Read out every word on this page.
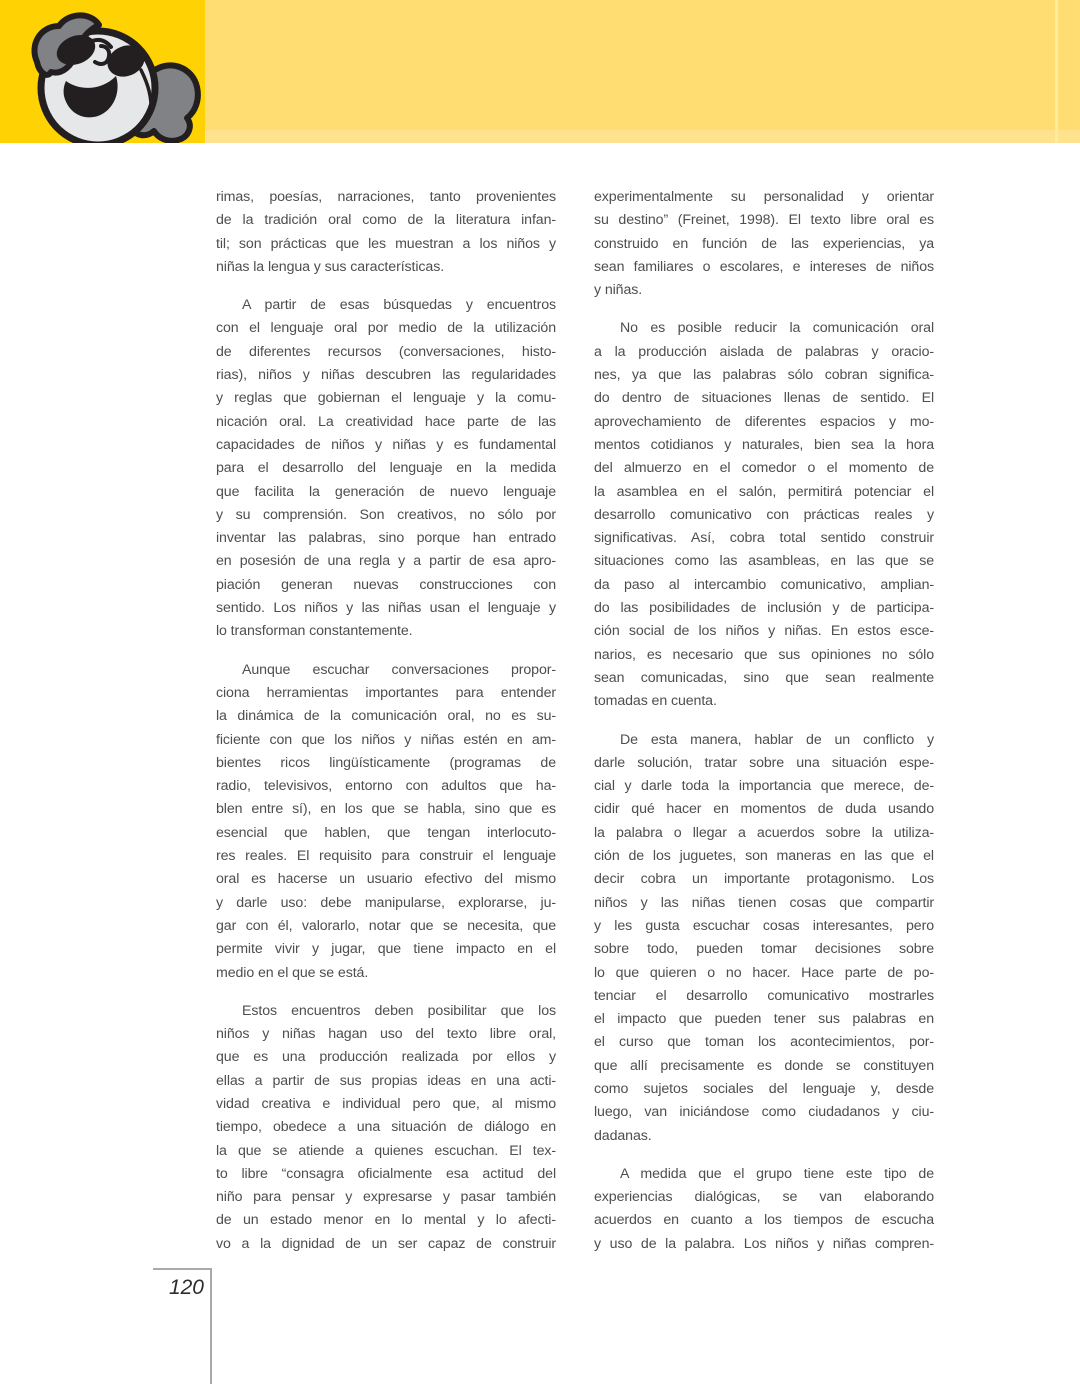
rimas, poesías, narraciones, tanto provenientes
de la tradición oral como de la literatura infan-
til; son prácticas que les muestran a los niños y
niñas la lengua y sus características.
A partir de esas búsquedas y encuentros
con el lenguaje oral por medio de la utilización
de diferentes recursos (conversaciones, histo-
rias), niños y niñas descubren las regularidades
y reglas que gobiernan el lenguaje y la comu-
nicación oral. La creatividad hace parte de las
capacidades de niños y niñas y es fundamental
para el desarrollo del lenguaje en la medida
que facilita la generación de nuevo lenguaje
y su comprensión. Son creativos, no sólo por
inventar las palabras, sino porque han entrado
en posesión de una regla y a partir de esa apro-
piación generan nuevas construcciones con
sentido. Los niños y las niñas usan el lenguaje y
lo transforman constantemente.
Aunque escuchar conversaciones propor-
ciona herramientas importantes para entender
la dinámica de la comunicación oral, no es su-
ficiente con que los niños y niñas estén en am-
bientes ricos lingüísticamente (programas de
radio, televisivos, entorno con adultos que ha-
blen entre sí), en los que se habla, sino que es
esencial que hablen, que tengan interlocuto-
res reales. El requisito para construir el lenguaje
oral es hacerse un usuario efectivo del mismo
y darle uso: debe manipularse, explorarse, ju-
gar con él, valorarlo, notar que se necesita, que
permite vivir y jugar, que tiene impacto en el
medio en el que se está.
Estos encuentros deben posibilitar que los
niños y niñas hagan uso del texto libre oral,
que es una producción realizada por ellos y
ellas a partir de sus propias ideas en una acti-
vidad creativa e individual pero que, al mismo
tiempo, obedece a una situación de diálogo en
la que se atiende a quienes escuchan. El tex-
to libre “consagra oficialmente esa actitud del
niño para pensar y expresarse y pasar también
de un estado menor en lo mental y lo afecti-
vo a la dignidad de un ser capaz de construir
experimentalmente su personalidad y orientar
su destino” (Freinet, 1998). El texto libre oral es
construido en función de las experiencias, ya
sean familiares o escolares, e intereses de niños
y niñas.
No es posible reducir la comunicación oral
a la producción aislada de palabras y oracio-
nes, ya que las palabras sólo cobran significa-
do dentro de situaciones llenas de sentido. El
aprovechamiento de diferentes espacios y mo-
mentos cotidianos y naturales, bien sea la hora
del almuerzo en el comedor o el momento de
la asamblea en el salón, permitirá potenciar el
desarrollo comunicativo con prácticas reales y
significativas. Así, cobra total sentido construir
situaciones como las asambleas, en las que se
da paso al intercambio comunicativo, amplian-
do las posibilidades de inclusión y de participa-
ción social de los niños y niñas. En estos esce-
narios, es necesario que sus opiniones no sólo
sean comunicadas, sino que sean realmente
tomadas en cuenta.
De esta manera, hablar de un conflicto y
darle solución, tratar sobre una situación espe-
cial y darle toda la importancia que merece, de-
cidir qué hacer en momentos de duda usando
la palabra o llegar a acuerdos sobre la utiliza-
ción de los juguetes, son maneras en las que el
decir cobra un importante protagonismo. Los
niños y las niñas tienen cosas que compartir
y les gusta escuchar cosas interesantes, pero
sobre todo, pueden tomar decisiones sobre
lo que quieren o no hacer. Hace parte de po-
tenciar el desarrollo comunicativo mostrarles
el impacto que pueden tener sus palabras en
el curso que toman los acontecimientos, por-
que allí precisamente es donde se constituyen
como sujetos sociales del lenguaje y, desde
luego, van iniciándose como ciudadanos y ciu-
dadanas.
A medida que el grupo tiene este tipo de
experiencias dialógicas, se van elaborando
acuerdos en cuanto a los tiempos de escucha
y uso de la palabra. Los niños y niñas compren-
120
